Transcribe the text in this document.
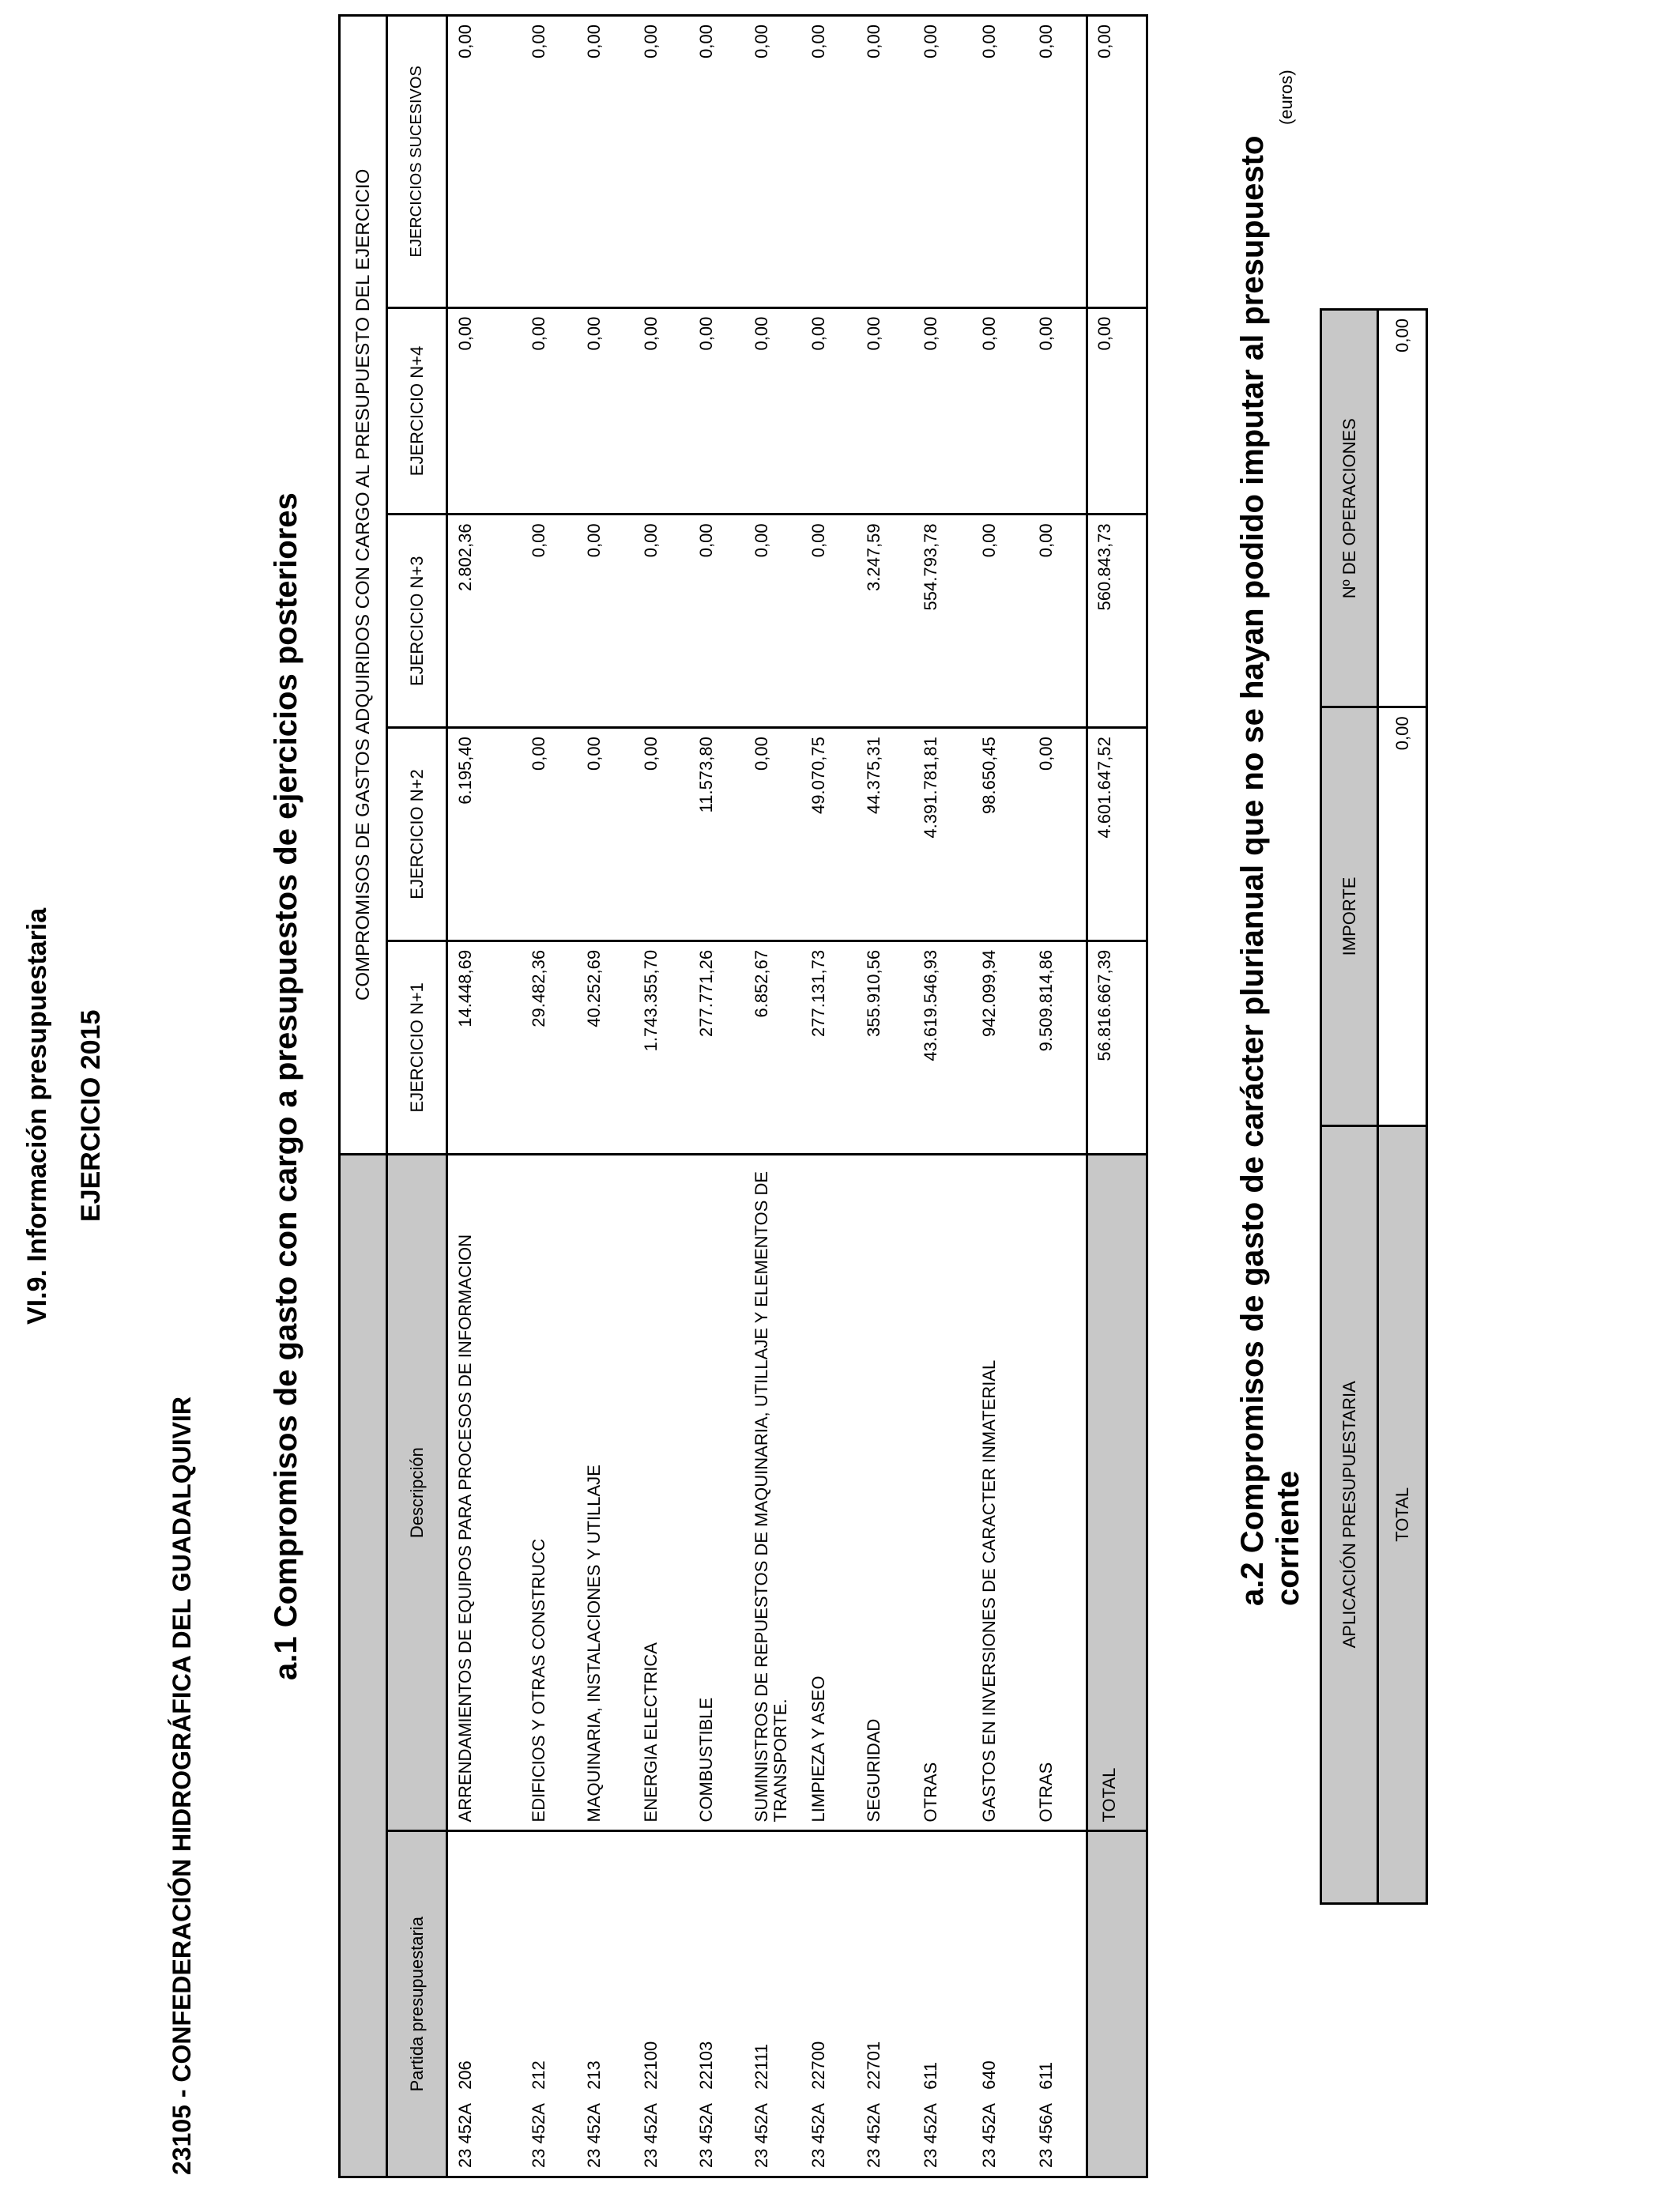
VI.9. Información presupuestaria EJERCICIO 2015
23105 - CONFEDERACIÓN HIDROGRÁFICA DEL GUADALQUIVIR
a.1 Compromisos de gasto con cargo a presupuestos de ejercicios posteriores
(euros)
		COMPROMISOS DE GASTOS ADQUIRIDOS CON CARGO AL PRESUPUESTO DEL EJERCICIO				
Partida presupuestaria	Descripción	EJERCICIO N+1	EJERCICIO N+2	EJERCICIO N+3	EJERCICIO N+4	EJERCICIOS SUCESIVOS
23 452A   206	ARRENDAMIENTOS DE EQUIPOS PARA PROCESOS DE INFORMACION	14.448,69	6.195,40	2.802,36	0,00	0,00
23 452A   212	EDIFICIOS Y OTRAS CONSTRUCC	29.482,36	0,00	0,00	0,00	0,00
23 452A   213	MAQUINARIA, INSTALACIONES Y UTILLAJE	40.252,69	0,00	0,00	0,00	0,00
23 452A   22100	ENERGIA ELECTRICA	1.743.355,70	0,00	0,00	0,00	0,00
23 452A   22103	COMBUSTIBLE	277.771,26	11.573,80	0,00	0,00	0,00
23 452A   22111	SUMINISTROS DE REPUESTOS DE MAQUINARIA, UTILLAJE Y ELEMENTOS DE TRANSPORTE.	6.852,67	0,00	0,00	0,00	0,00
23 452A   22700	LIMPIEZA Y ASEO	277.131,73	49.070,75	0,00	0,00	0,00
23 452A   22701	SEGURIDAD	355.910,56	44.375,31	3.247,59	0,00	0,00
23 452A   611	OTRAS	43.619.546,93	4.391.781,81	554.793,78	0,00	0,00
23 452A   640	GASTOS EN INVERSIONES DE CARACTER INMATERIAL	942.099,94	98.650,45	0,00	0,00	0,00
23 456A   611	OTRAS	9.509.814,86	0,00	0,00	0,00	0,00
	TOTAL	56.816.667,39	4.601.647,52	560.843,73	0,00	0,00
a.2 Compromisos de gasto de carácter plurianual que no se hayan podido imputar al presupuesto corriente APLICACIÓN PRESUPUESTARIA	IMPORTE	Nº DE OPERACIONES
TOTAL	0,00	0,00
